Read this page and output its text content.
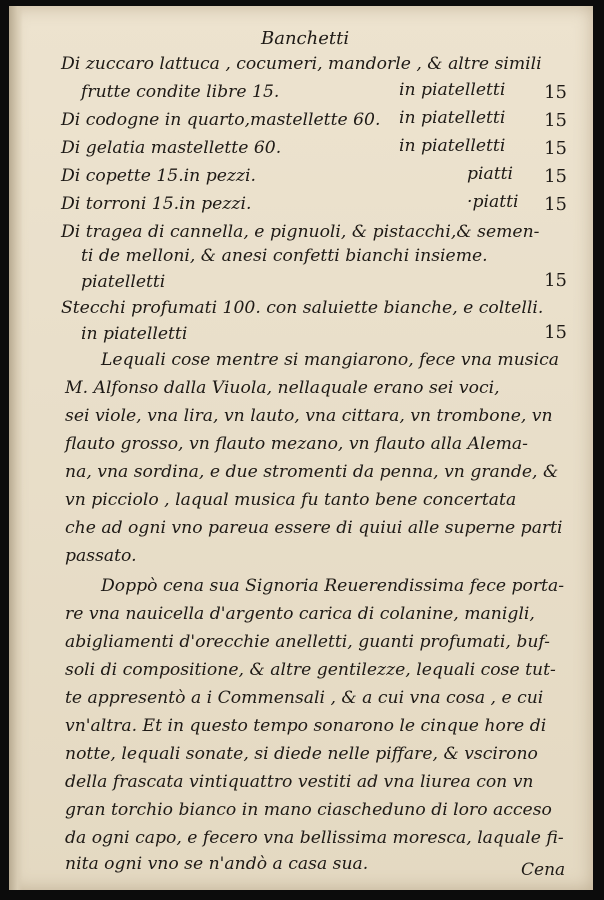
Banchetti
Di zuccaro lattuca , cocumeri, mandorle , & altre simili
frutte condite libre 15.	in piatelletti 15
Di codogne in quarto,mastellette 60. in piatelletti 15
Di gelatia mastellette 60.	in piatelletti 15
Di copette 15.in pezzi.	piatti 15
Di torroni 15.in pezzi.	·piatti 15
Di tragea di cannella, e pignuoli, & pistacchi,& semen-
ti de melloni, & anesi confetti bianchi insieme.
piatelletti	15
Stecchi profumati 100. con saluiette bianche, e coltelli.
in piatelletti	15
Lequali cose mentre si mangiarono, fece vna musica
M. Alfonso dalla Viuola, nellaquale erano sei voci,
sei viole, vna lira, vn lauto, vna cittara, vn trombone, vn
flauto grosso, vn flauto mezano, vn flauto alla Alema-
na, vna sordina, e due stromenti da penna, vn grande, &
vn picciolo , laqual musica fu tanto bene concertata
che ad ogni vno pareua essere di quiui alle superne parti
passato.
Doppò cena sua Signoria Reuerendissima fece porta-
re vna nauicella d'argento carica di colanine, manigli,
abigliamenti d'orecchie anelletti, guanti profumati, buf-
soli di compositione, & altre gentilezze, lequali cose tut-
te appresentò a i Commensali , & a cui vna cosa , e cui
vn'altra. Et in questo tempo sonarono le cinque hore di
notte, lequali sonate, si diede nelle piffare, & vscirono
della frascata vintiquattro vestiti ad vna liurea con vn
gran torchio bianco in mano ciascheduno di loro acceso
da ogni capo, e fecero vna bellissima moresca, laquale fi-
nita ogni vno se n'andò a casa sua.	Cena
